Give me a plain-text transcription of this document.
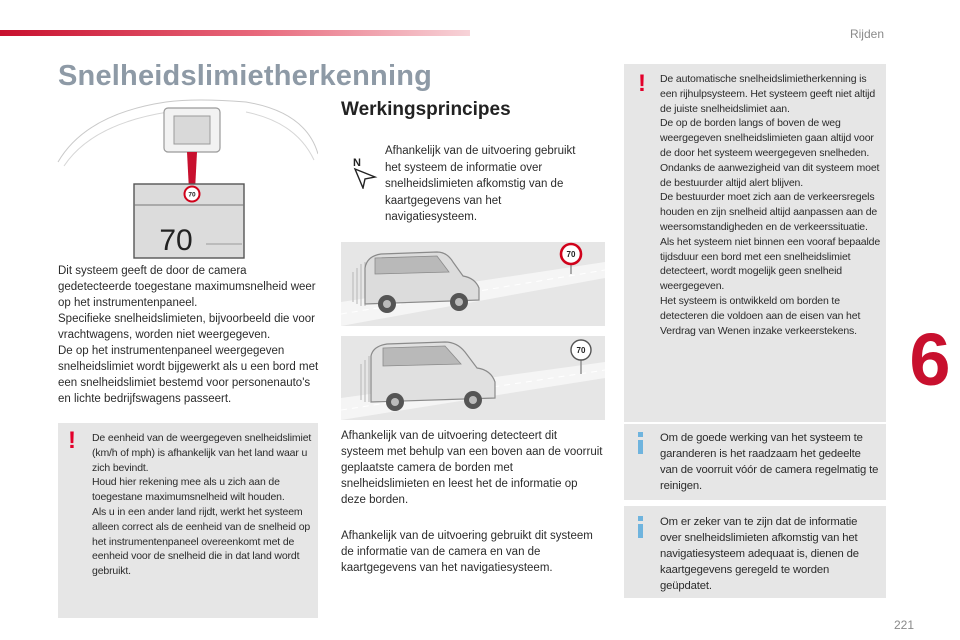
Rijden
6
Snelheidslimietherkenning
70
70
Dit systeem geeft de door de camera gedetecteerde toegestane maximumsnelheid weer op het instrumentenpaneel.
Specifieke snelheidslimieten, bijvoorbeeld die voor vrachtwagens, worden niet weergegeven.
De op het instrumentenpaneel weergegeven snelheidslimiet wordt bijgewerkt als u een bord met een snelheidslimiet bestemd voor personenauto's en lichte bedrijfswagens passeert.
! De eenheid van de weergegeven snelheidslimiet (km/h of mph) is afhankelijk van het land waar u zich bevindt.
Houd hier rekening mee als u zich aan de toegestane maximumsnelheid wilt houden.
Als u in een ander land rijdt, werkt het systeem alleen correct als de eenheid van de snelheid op het instrumentenpaneel overeenkomt met de eenheid voor de snelheid die in dat land wordt gebruikt.
Werkingsprincipes
N
Afhankelijk van de uitvoering gebruikt het systeem de informatie over snelheidslimieten afkomstig van de kaartgegevens van het navigatiesysteem.
70
70
Afhankelijk van de uitvoering detecteert dit systeem met behulp van een boven aan de voorruit geplaatste camera de borden met snelheidslimieten en leest het de informatie op deze borden.
Afhankelijk van de uitvoering gebruikt dit systeem de informatie van de camera en van de kaartgegevens van het navigatiesysteem.
! De automatische snelheidslimietherkenning is een rijhulpsysteem. Het systeem geeft niet altijd de juiste snelheidslimiet aan.
De op de borden langs of boven de weg weergegeven snelheidslimieten gaan altijd voor de door het systeem weergegeven snelheden.
Ondanks de aanwezigheid van dit systeem moet de bestuurder altijd alert blijven.
De bestuurder moet zich aan de verkeersregels houden en zijn snelheid altijd aanpassen aan de weersomstandigheden en de verkeerssituatie.
Als het systeem niet binnen een vooraf bepaalde tijdsduur een bord met een snelheidslimiet detecteert, wordt mogelijk geen snelheid weergegeven.
Het systeem is ontwikkeld om borden te detecteren die voldoen aan de eisen van het Verdrag van Wenen inzake verkeerstekens.
Om de goede werking van het systeem te garanderen is het raadzaam het gedeelte van de voorruit vóór de camera regelmatig te reinigen.
Om er zeker van te zijn dat de informatie over snelheidslimieten afkomstig van het navigatiesysteem adequaat is, dienen de kaartgegevens geregeld te worden geüpdatet.
221
